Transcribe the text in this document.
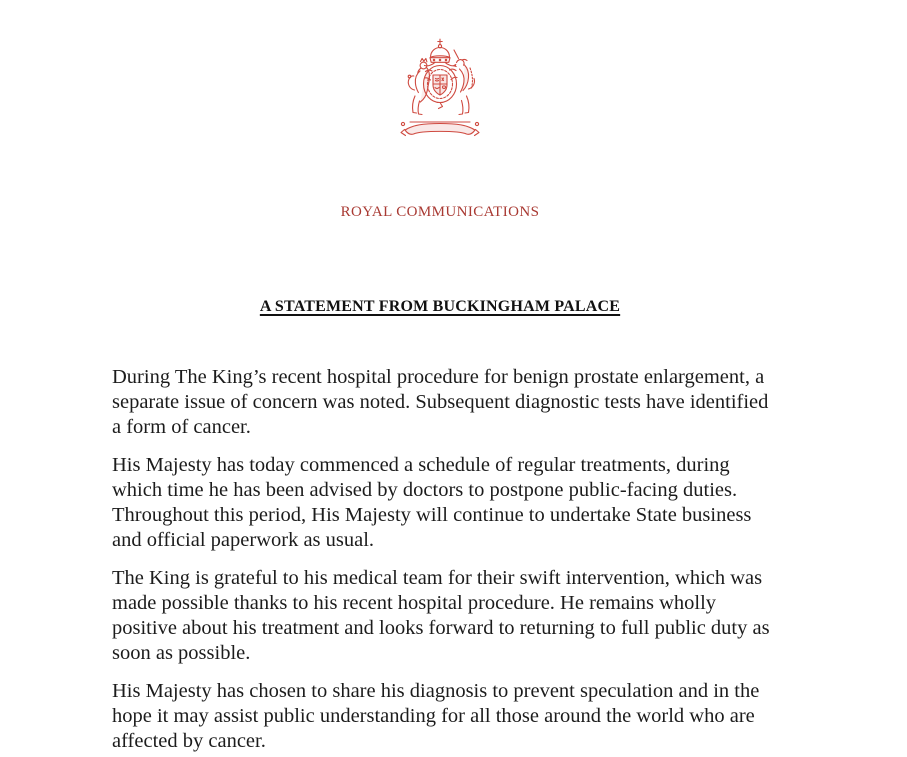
ROYAL COMMUNICATIONS
A STATEMENT FROM BUCKINGHAM PALACE

During The King’s recent hospital procedure for benign prostate enlargement, a
separate issue of concern was noted. Subsequent diagnostic tests have identified
a form of cancer.

His Majesty has today commenced a schedule of regular treatments, during
which time he has been advised by doctors to postpone public-facing duties.
Throughout this period, His Majesty will continue to undertake State business
and official paperwork as usual.

The King is grateful to his medical team for their swift intervention, which was
made possible thanks to his recent hospital procedure. He remains wholly
positive about his treatment and looks forward to returning to full public duty as
soon as possible.

His Majesty has chosen to share his diagnosis to prevent speculation and in the
hope it may assist public understanding for all those around the world who are
affected by cancer.
